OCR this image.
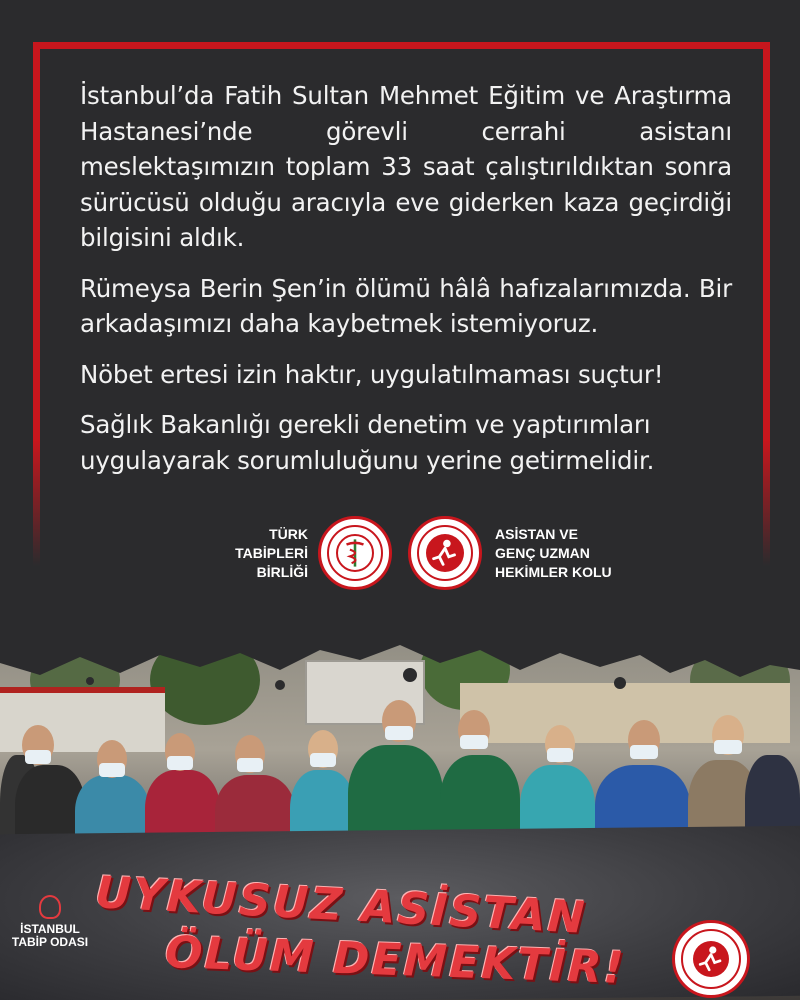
İstanbul’da Fatih Sultan Mehmet Eğitim ve Araştırma Hastanesi’nde görevli cerrahi asistanı meslektaşımızın toplam 33 saat çalıştırıldıktan sonra sürücüsü olduğu aracıyla eve giderken kaza geçirdiği bilgisini aldık.

Rümeysa Berin Şen’in ölümü hâlâ hafızalarımızda. Bir arkadaşımızı daha kaybetmek istemiyoruz.

Nöbet ertesi izin haktır, uygulatılmaması suçtur!

Sağlık Bakanlığı gerekli denetim ve yaptırımları uygulayarak sorumluluğunu yerine getirmelidir.

TÜRK
TABİPLERİ
BİRLİĞİ
ASİSTAN VE
GENÇ UZMAN
HEKİMLER KOLU
İSTANBUL
TABİP ODASI UYKUSUZ ASİSTAN
ÖLÜM DEMEKTİR!
